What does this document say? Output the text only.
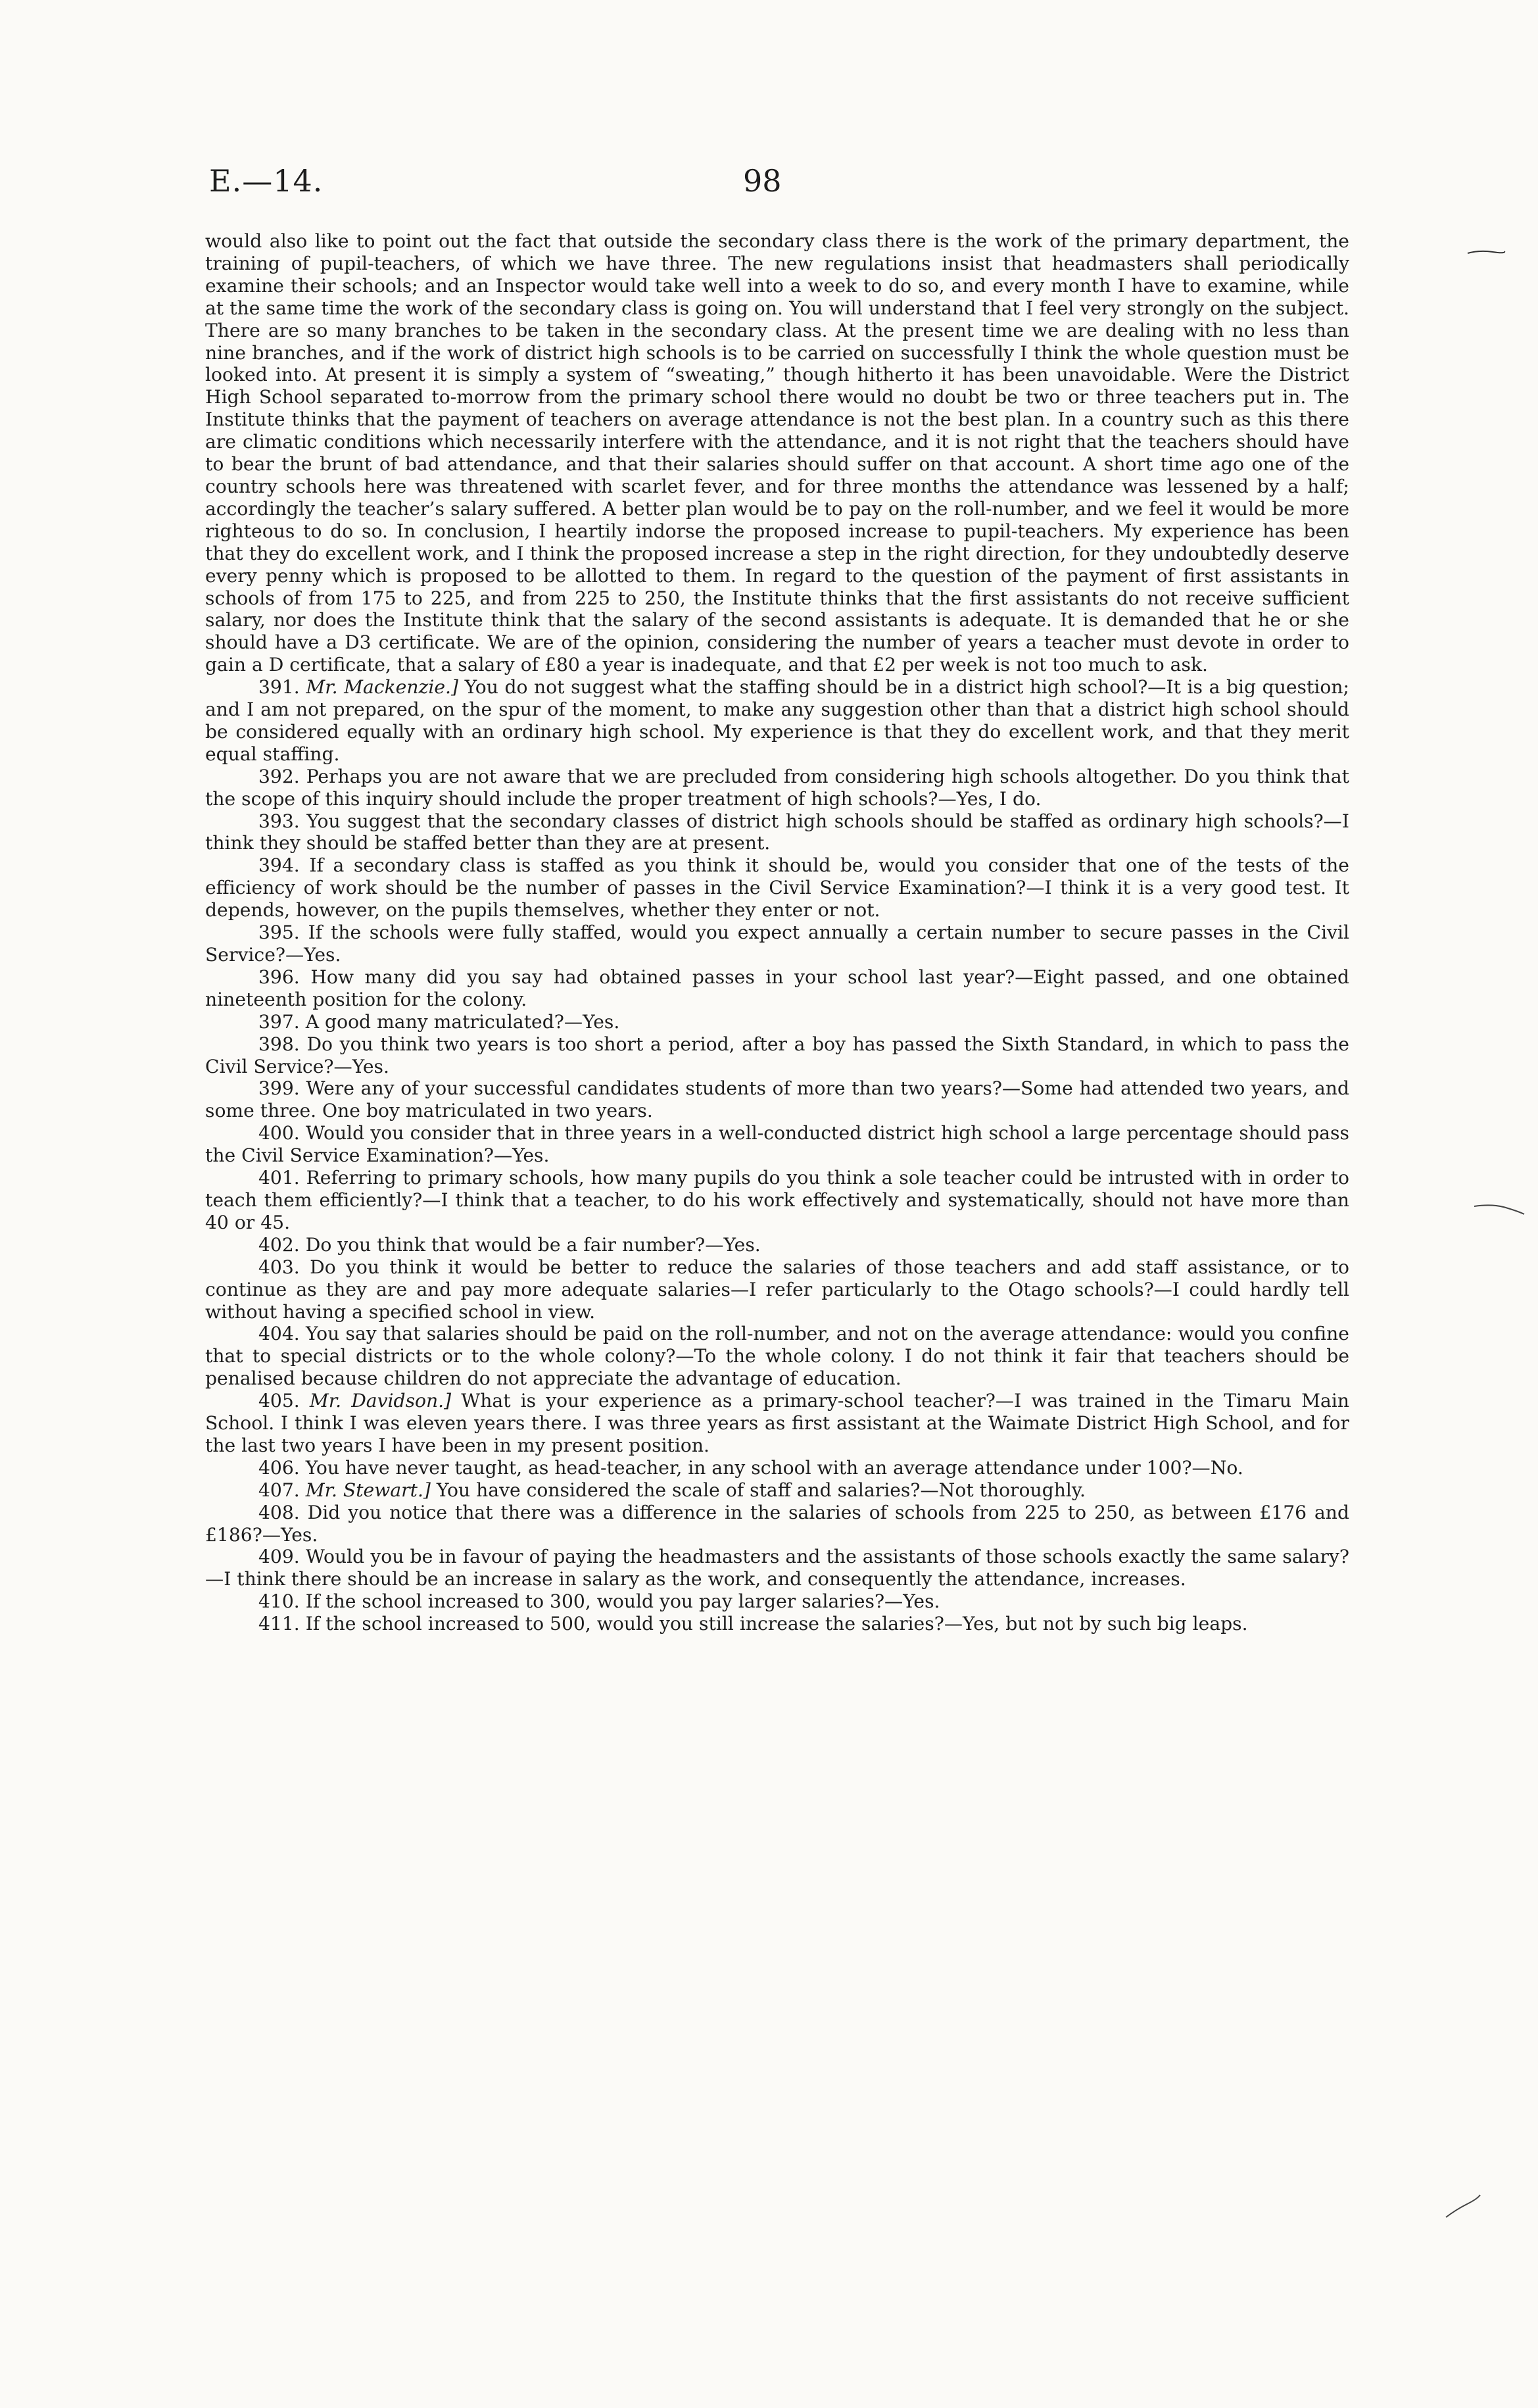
E.—14.	98

would also like to point out the fact that outside the secondary class there is the work of the primary department, the training of pupil-teachers, of which we have three. The new regulations insist that headmasters shall periodically examine their schools; and an Inspector would take well into a week to do so, and every month I have to examine, while at the same time the work of the secondary class is going on. You will understand that I feel very strongly on the subject. There are so many branches to be taken in the secondary class. At the present time we are dealing with no less than nine branches, and if the work of district high schools is to be carried on successfully I think the whole question must be looked into. At present it is simply a system of “sweating,” though hitherto it has been unavoidable. Were the District High School separated to-morrow from the primary school there would no doubt be two or three teachers put in. The Institute thinks that the payment of teachers on average attendance is not the best plan. In a country such as this there are climatic conditions which necessarily interfere with the attendance, and it is not right that the teachers should have to bear the brunt of bad attendance, and that their salaries should suffer on that account. A short time ago one of the country schools here was threatened with scarlet fever, and for three months the attendance was lessened by a half; accordingly the teacher’s salary suffered. A better plan would be to pay on the roll-number, and we feel it would be more righteous to do so. In conclusion, I heartily indorse the proposed increase to pupil-teachers. My experience has been that they do excellent work, and I think the proposed increase a step in the right direction, for they undoubtedly deserve every penny which is proposed to be allotted to them. In regard to the question of the payment of first assistants in schools of from 175 to 225, and from 225 to 250, the Institute thinks that the first assistants do not receive sufficient salary, nor does the Institute think that the salary of the second assistants is adequate. It is demanded that he or she should have a D3 certificate. We are of the opinion, considering the number of years a teacher must devote in order to gain a D certificate, that a salary of £80 a year is inadequate, and that £2 per week is not too much to ask.

391. Mr. Mackenzie.] You do not suggest what the staffing should be in a district high school?—It is a big question; and I am not prepared, on the spur of the moment, to make any suggestion other than that a district high school should be considered equally with an ordinary high school. My experience is that they do excellent work, and that they merit equal staffing.

392. Perhaps you are not aware that we are precluded from considering high schools altogether. Do you think that the scope of this inquiry should include the proper treatment of high schools?—Yes, I do.

393. You suggest that the secondary classes of district high schools should be staffed as ordinary high schools?—I think they should be staffed better than they are at present.

394. If a secondary class is staffed as you think it should be, would you consider that one of the tests of the efficiency of work should be the number of passes in the Civil Service Examination?—I think it is a very good test. It depends, however, on the pupils themselves, whether they enter or not.

395. If the schools were fully staffed, would you expect annually a certain number to secure passes in the Civil Service?—Yes.

396. How many did you say had obtained passes in your school last year?—Eight passed, and one obtained nineteenth position for the colony.

397. A good many matriculated?—Yes.

398. Do you think two years is too short a period, after a boy has passed the Sixth Standard, in which to pass the Civil Service?—Yes.

399. Were any of your successful candidates students of more than two years?—Some had attended two years, and some three. One boy matriculated in two years.

400. Would you consider that in three years in a well-conducted district high school a large percentage should pass the Civil Service Examination?—Yes.

401. Referring to primary schools, how many pupils do you think a sole teacher could be intrusted with in order to teach them efficiently?—I think that a teacher, to do his work effectively and systematically, should not have more than 40 or 45.

402. Do you think that would be a fair number?—Yes.

403. Do you think it would be better to reduce the salaries of those teachers and add staff assistance, or to continue as they are and pay more adequate salaries—I refer particularly to the Otago schools?—I could hardly tell without having a specified school in view.

404. You say that salaries should be paid on the roll-number, and not on the average attendance: would you confine that to special districts or to the whole colony?—To the whole colony. I do not think it fair that teachers should be penalised because children do not appreciate the advantage of education.

405. Mr. Davidson.] What is your experience as a primary-school teacher?—I was trained in the Timaru Main School. I think I was eleven years there. I was three years as first assistant at the Waimate District High School, and for the last two years I have been in my present position.

406. You have never taught, as head-teacher, in any school with an average attendance under 100?—No.

407. Mr. Stewart.] You have considered the scale of staff and salaries?—Not thoroughly.

408. Did you notice that there was a difference in the salaries of schools from 225 to 250, as between £176 and £186?—Yes.

409. Would you be in favour of paying the headmasters and the assistants of those schools exactly the same salary?—I think there should be an increase in salary as the work, and consequently the attendance, increases.

410. If the school increased to 300, would you pay larger salaries?—Yes.

411. If the school increased to 500, would you still increase the salaries?—Yes, but not by such big leaps.
